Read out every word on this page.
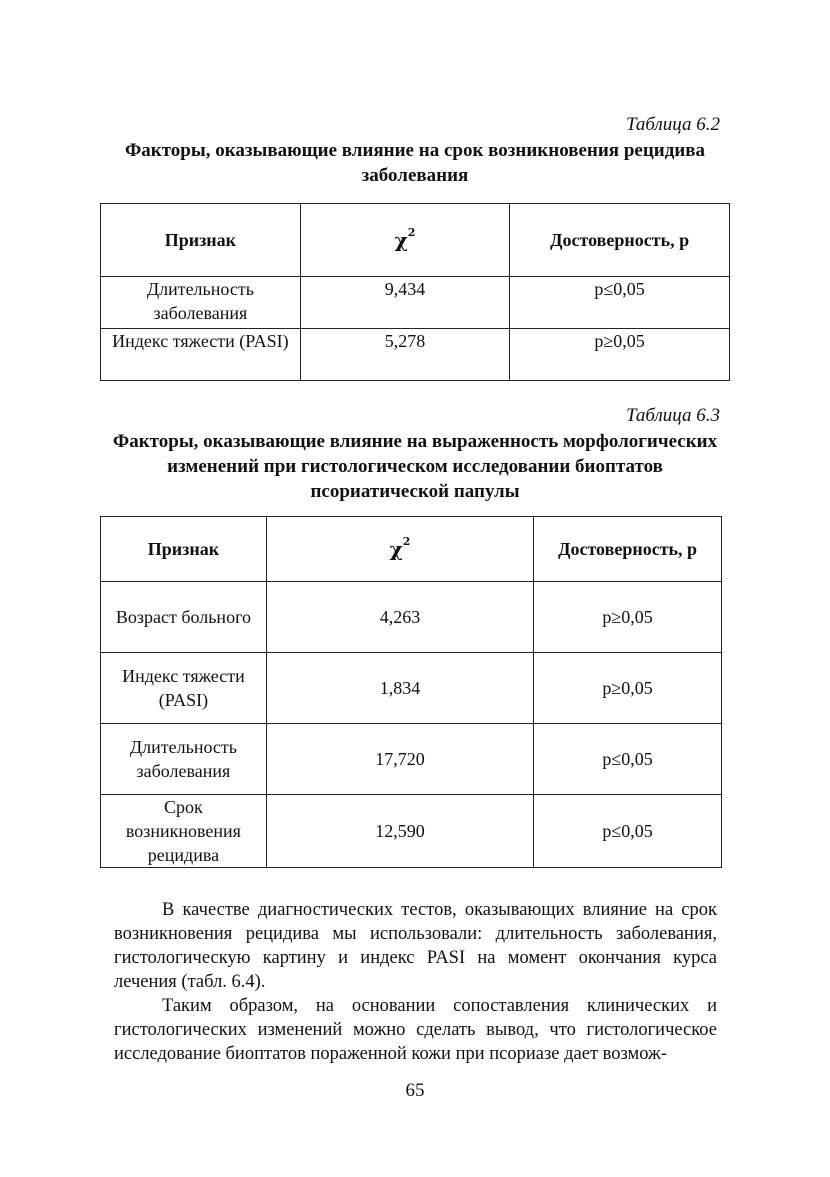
Таблица 6.2
Факторы, оказывающие влияние на срок возникновения рецидива заболевания
Признак	$\chi^2$	Достоверность, р
Длительность заболевания	9,434	р≤0,05
Индекс тяжести (PASI)	5,278	р≥0,05
Таблица 6.3
Факторы, оказывающие влияние на выраженность морфологических изменений при гистологическом исследовании биоптатов псориатической папулы
Признак	$\chi^2$	Достоверность, р
Возраст больного	4,263	р≥0,05
Индекс тяжести (PASI)	1,834	р≥0,05
Длительность заболевания	17,720	р≤0,05
Срок возникновения рецидива	12,590	р≤0,05

В качестве диагностических тестов, оказывающих влияние на срок возникновения рецидива мы использовали: длительность заболевания, гистологическую картину и индекс PASI на момент окончания курса лечения (табл. 6.4).

Таким образом, на основании сопоставления клинических и гистологических изменений можно сделать вывод, что гистологическое исследование биоптатов пораженной кожи при псориазе дает возмож-

65
